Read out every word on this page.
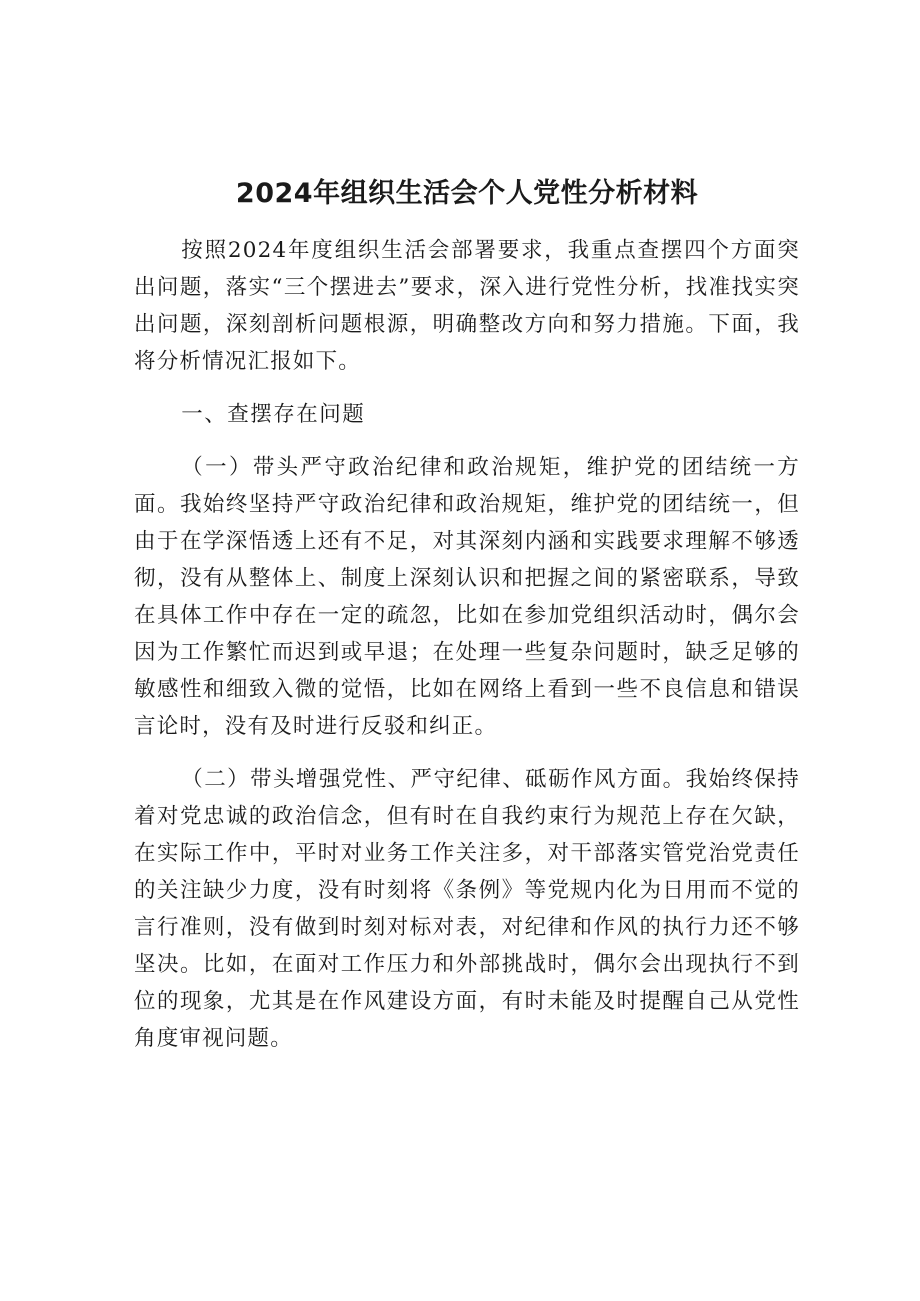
2024年组织生活会个人党性分析材料

按照2024年度组织生活会部署要求，我重点查摆四个方面突出问题，落实“三个摆进去”要求，深入进行党性分析，找准找实突出问题，深刻剖析问题根源，明确整改方向和努力措施。下面，我将分析情况汇报如下。

一、查摆存在问题

（一）带头严守政治纪律和政治规矩，维护党的团结统一方面。我始终坚持严守政治纪律和政治规矩，维护党的团结统一，但由于在学深悟透上还有不足，对其深刻内涵和实践要求理解不够透彻，没有从整体上、制度上深刻认识和把握之间的紧密联系，导致在具体工作中存在一定的疏忽，比如在参加党组织活动时，偶尔会因为工作繁忙而迟到或早退；在处理一些复杂问题时，缺乏足够的敏感性和细致入微的觉悟，比如在网络上看到一些不良信息和错误言论时，没有及时进行反驳和纠正。

（二）带头增强党性、严守纪律、砥砺作风方面。我始终保持着对党忠诚的政治信念，但有时在自我约束行为规范上存在欠缺，在实际工作中，平时对业务工作关注多，对干部落实管党治党责任的关注缺少力度，没有时刻将《条例》等党规内化为日用而不觉的言行准则，没有做到时刻对标对表，对纪律和作风的执行力还不够坚决。比如，在面对工作压力和外部挑战时，偶尔会出现执行不到位的现象，尤其是在作风建设方面，有时未能及时提醒自己从党性角度审视问题。
